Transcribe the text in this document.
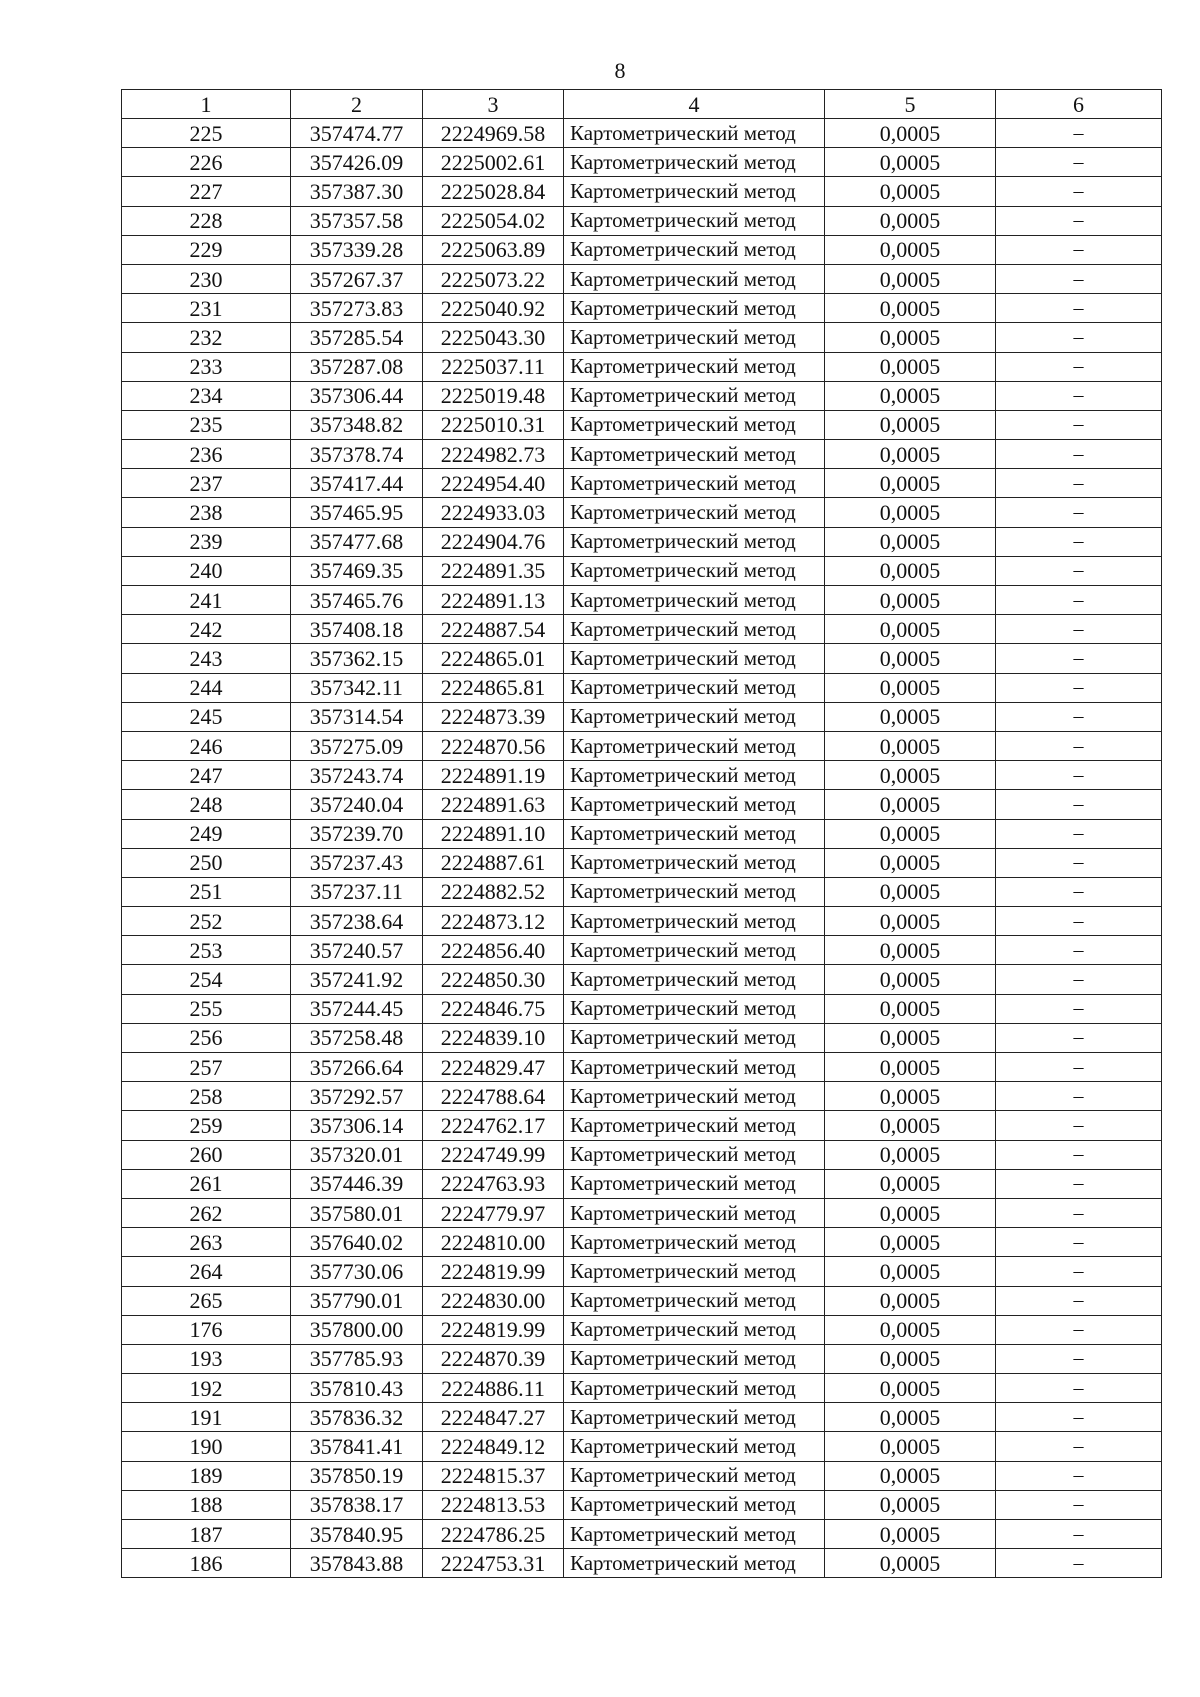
8
1	2	3	4	5	6
225	357474.77	2224969.58	Картометрический метод	0,0005	–
226	357426.09	2225002.61	Картометрический метод	0,0005	–
227	357387.30	2225028.84	Картометрический метод	0,0005	–
228	357357.58	2225054.02	Картометрический метод	0,0005	–
229	357339.28	2225063.89	Картометрический метод	0,0005	–
230	357267.37	2225073.22	Картометрический метод	0,0005	–
231	357273.83	2225040.92	Картометрический метод	0,0005	–
232	357285.54	2225043.30	Картометрический метод	0,0005	–
233	357287.08	2225037.11	Картометрический метод	0,0005	–
234	357306.44	2225019.48	Картометрический метод	0,0005	–
235	357348.82	2225010.31	Картометрический метод	0,0005	–
236	357378.74	2224982.73	Картометрический метод	0,0005	–
237	357417.44	2224954.40	Картометрический метод	0,0005	–
238	357465.95	2224933.03	Картометрический метод	0,0005	–
239	357477.68	2224904.76	Картометрический метод	0,0005	–
240	357469.35	2224891.35	Картометрический метод	0,0005	–
241	357465.76	2224891.13	Картометрический метод	0,0005	–
242	357408.18	2224887.54	Картометрический метод	0,0005	–
243	357362.15	2224865.01	Картометрический метод	0,0005	–
244	357342.11	2224865.81	Картометрический метод	0,0005	–
245	357314.54	2224873.39	Картометрический метод	0,0005	–
246	357275.09	2224870.56	Картометрический метод	0,0005	–
247	357243.74	2224891.19	Картометрический метод	0,0005	–
248	357240.04	2224891.63	Картометрический метод	0,0005	–
249	357239.70	2224891.10	Картометрический метод	0,0005	–
250	357237.43	2224887.61	Картометрический метод	0,0005	–
251	357237.11	2224882.52	Картометрический метод	0,0005	–
252	357238.64	2224873.12	Картометрический метод	0,0005	–
253	357240.57	2224856.40	Картометрический метод	0,0005	–
254	357241.92	2224850.30	Картометрический метод	0,0005	–
255	357244.45	2224846.75	Картометрический метод	0,0005	–
256	357258.48	2224839.10	Картометрический метод	0,0005	–
257	357266.64	2224829.47	Картометрический метод	0,0005	–
258	357292.57	2224788.64	Картометрический метод	0,0005	–
259	357306.14	2224762.17	Картометрический метод	0,0005	–
260	357320.01	2224749.99	Картометрический метод	0,0005	–
261	357446.39	2224763.93	Картометрический метод	0,0005	–
262	357580.01	2224779.97	Картометрический метод	0,0005	–
263	357640.02	2224810.00	Картометрический метод	0,0005	–
264	357730.06	2224819.99	Картометрический метод	0,0005	–
265	357790.01	2224830.00	Картометрический метод	0,0005	–
176	357800.00	2224819.99	Картометрический метод	0,0005	–
193	357785.93	2224870.39	Картометрический метод	0,0005	–
192	357810.43	2224886.11	Картометрический метод	0,0005	–
191	357836.32	2224847.27	Картометрический метод	0,0005	–
190	357841.41	2224849.12	Картометрический метод	0,0005	–
189	357850.19	2224815.37	Картометрический метод	0,0005	–
188	357838.17	2224813.53	Картометрический метод	0,0005	–
187	357840.95	2224786.25	Картометрический метод	0,0005	–
186	357843.88	2224753.31	Картометрический метод	0,0005	–
